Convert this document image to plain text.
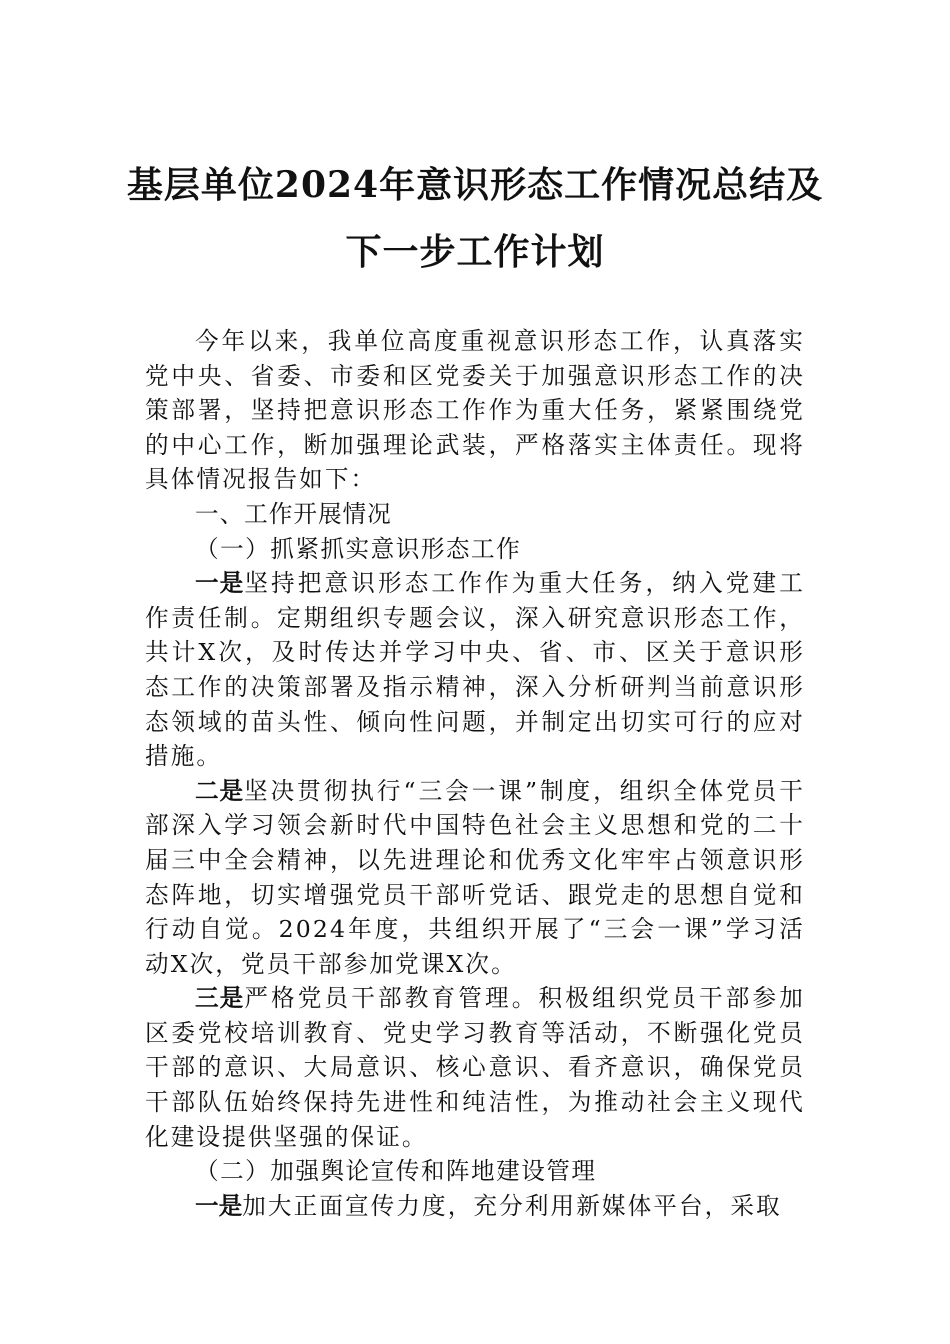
基层单位2024年意识形态工作情况总结及
下一步工作计划

今年以来，我单位高度重视意识形态工作，认真落实党中央、省委、市委和区党委关于加强意识形态工作的决策部署，坚持把意识形态工作作为重大任务，紧紧围绕党的中心工作，断加强理论武装，严格落实主体责任。现将具体情况报告如下：

一、工作开展情况
（一）抓紧抓实意识形态工作

一是坚持把意识形态工作作为重大任务，纳入党建工作责任制。定期组织专题会议，深入研究意识形态工作，共计X次，及时传达并学习中央、省、市、区关于意识形态工作的决策部署及指示精神，深入分析研判当前意识形态领域的苗头性、倾向性问题，并制定出切实可行的应对措施。

二是坚决贯彻执行“三会一课”制度，组织全体党员干部深入学习领会新时代中国特色社会主义思想和党的二十届三中全会精神，以先进理论和优秀文化牢牢占领意识形态阵地，切实增强党员干部听党话、跟党走的思想自觉和行动自觉。2024年度，共组织开展了“三会一课”学习活动X次，党员干部参加党课X次。

三是严格党员干部教育管理。积极组织党员干部参加区委党校培训教育、党史学习教育等活动，不断强化党员干部的意识、大局意识、核心意识、看齐意识，确保党员干部队伍始终保持先进性和纯洁性，为推动社会主义现代化建设提供坚强的保证。

（二）加强舆论宣传和阵地建设管理

一是加大正面宣传力度，充分利用新媒体平台，采取
